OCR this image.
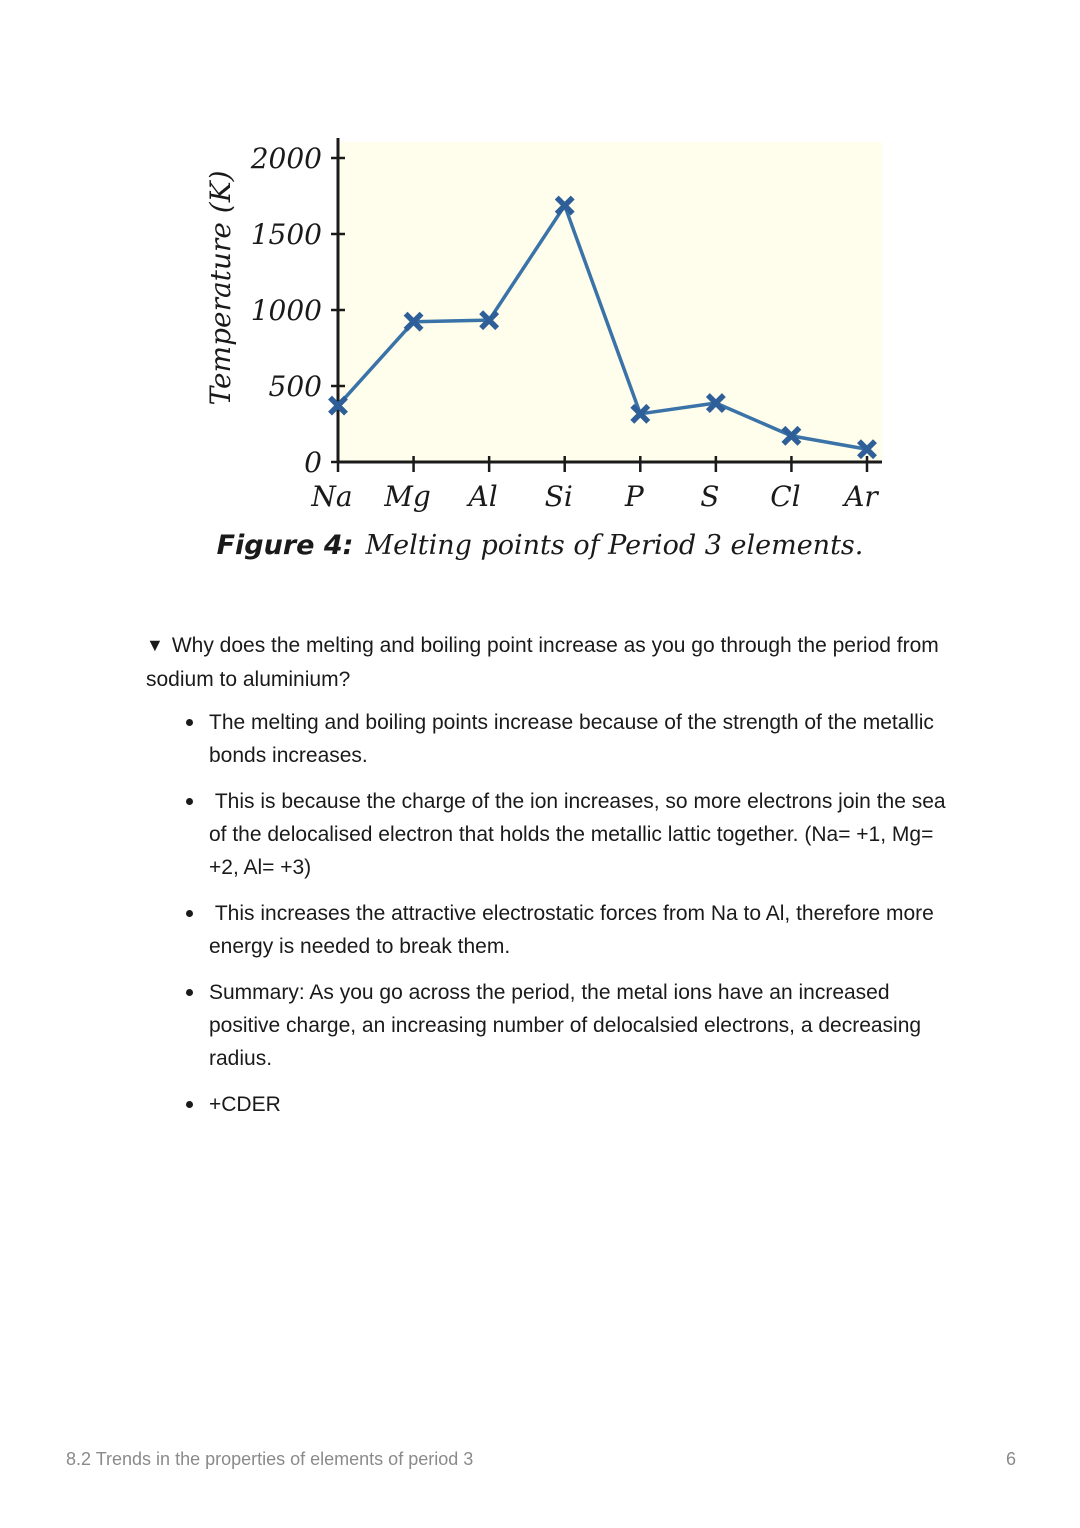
0
500
1000
1500
2000
Temperature (K)
Na Mg Al Si P S Cl Ar
Figure 4: Melting points of Period 3 elements.
▼ Why does the melting and boiling point increase as you go through the period from sodium to aluminium?
The melting and boiling points increase because of the strength of the metallic bonds increases.
This is because the charge of the ion increases, so more electrons join the sea of the delocalised electron that holds the metallic lattic together. (Na= +1, Mg= +2, Al= +3)
This increases the attractive electrostatic forces from Na to Al, therefore more energy is needed to break them.
Summary: As you go across the period, the metal ions have an increased positive charge, an increasing number of delocalsied electrons, a decreasing radius.
+CDER
8.2 Trends in the properties of elements of period 3	6
